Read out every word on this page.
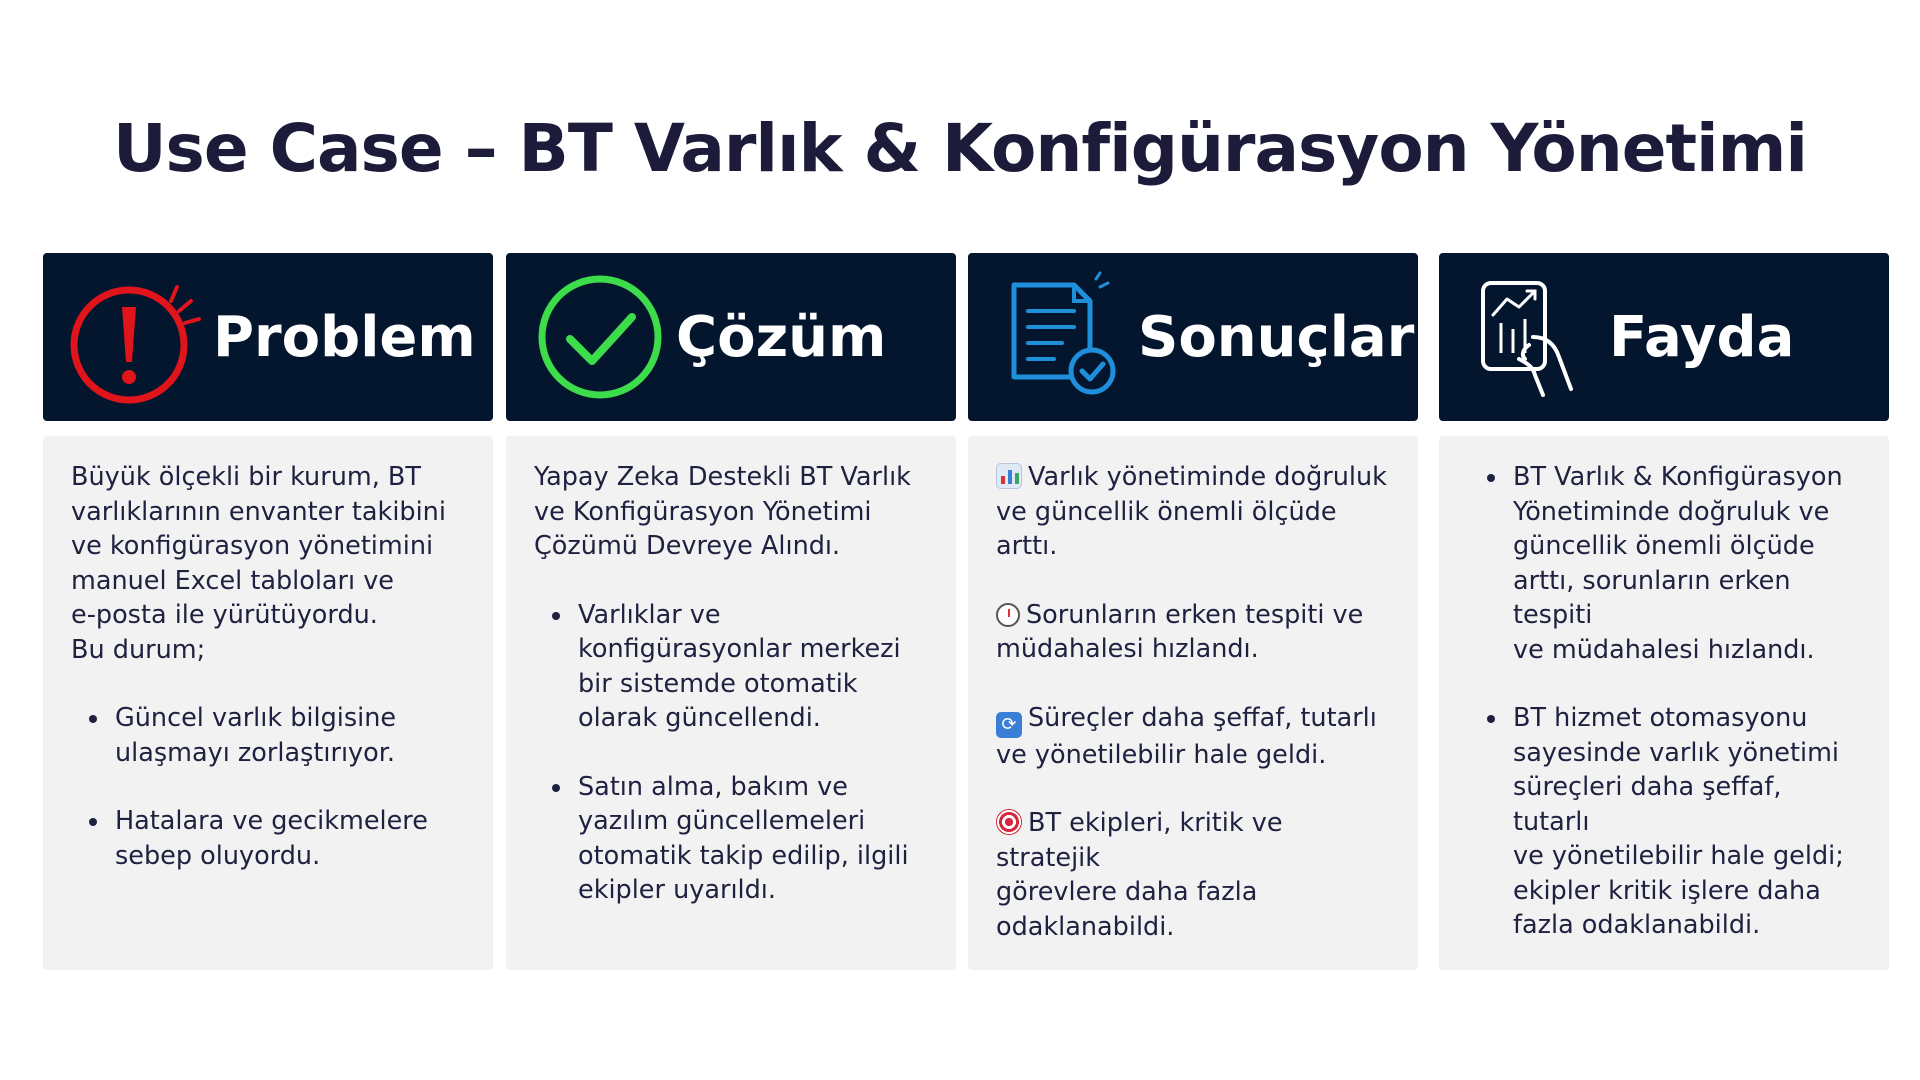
Use Case – BT Varlık & Konfigürasyon Yönetimi
Problem

Büyük ölçekli bir kurum, BT
varlıklarının envanter takibini
ve konfigürasyon yönetimini
manuel Excel tabloları ve
e-posta ile yürütüyordu.
Bu durum;

• Güncel varlık bilgisine
ulaşmayı zorlaştırıyor.
• Hatalara ve gecikmelere
sebep oluyordu.
Çözüm

Yapay Zeka Destekli BT Varlık
ve Konfigürasyon Yönetimi
Çözümü Devreye Alındı.

• Varlıklar ve
konfigürasyonlar merkezi
bir sistemde otomatik
olarak güncellendi.
• Satın alma, bakım ve
yazılım güncellemeleri
otomatik takip edilip, ilgili
ekipler uyarıldı.
Sonuçlar

Varlık yönetiminde doğruluk
ve güncellik önemli ölçüde
arttı.

Sorunların erken tespiti ve
müdahalesi hızlandı.

⟳ Süreçler daha şeffaf, tutarlı
ve yönetilebilir hale geldi.

BT ekipleri, kritik ve stratejik
görevlere daha fazla
odaklanabildi.

Fayda
• BT Varlık & Konfigürasyon
Yönetiminde doğruluk ve
güncellik önemli ölçüde
arttı, sorunların erken tespiti
ve müdahalesi hızlandı.
• BT hizmet otomasyonu
sayesinde varlık yönetimi
süreçleri daha şeffaf, tutarlı
ve yönetilebilir hale geldi;
ekipler kritik işlere daha
fazla odaklanabildi.
